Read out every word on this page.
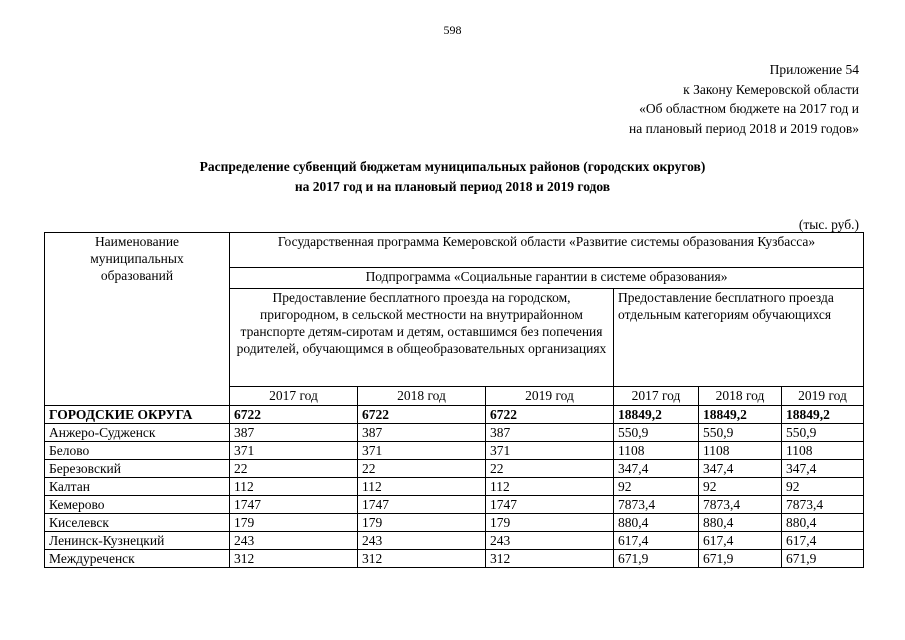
598
Приложение 54
к Закону Кемеровской области
«Об областном бюджете на 2017 год и
на плановый период 2018 и 2019 годов»
Распределение субвенций бюджетам муниципальных районов (городских округов)
на 2017 год и на плановый период 2018 и 2019 годов
(тыс. руб.)
Наименование
муниципальных
образований	Государственная программа Кемеровской области «Развитие системы образования Кузбасса»					
	Подпрограмма «Социальные гарантии в системе образования»					
	Предоставление бесплатного проезда на городском, пригородном, в сельской местности на внутрирайонном транспорте детям-сиротам и детям, оставшимся без попечения родителей, обучающимся в общеобразовательных организациях			Предоставление бесплатного проезда отдельным категориям обучающихся		
	2017 год	2018 год	2019 год	2017 год	2018 год	2019 год
ГОРОДСКИЕ ОКРУГА	6722	6722	6722	18849,2	18849,2	18849,2
Анжеро-Судженск	387	387	387	550,9	550,9	550,9
Белово	371	371	371	1108	1108	1108
Березовский	22	22	22	347,4	347,4	347,4
Калтан	112	112	112	92	92	92
Кемерово	1747	1747	1747	7873,4	7873,4	7873,4
Киселевск	179	179	179	880,4	880,4	880,4
Ленинск-Кузнецкий	243	243	243	617,4	617,4	617,4
Междуреченск	312	312	312	671,9	671,9	671,9
